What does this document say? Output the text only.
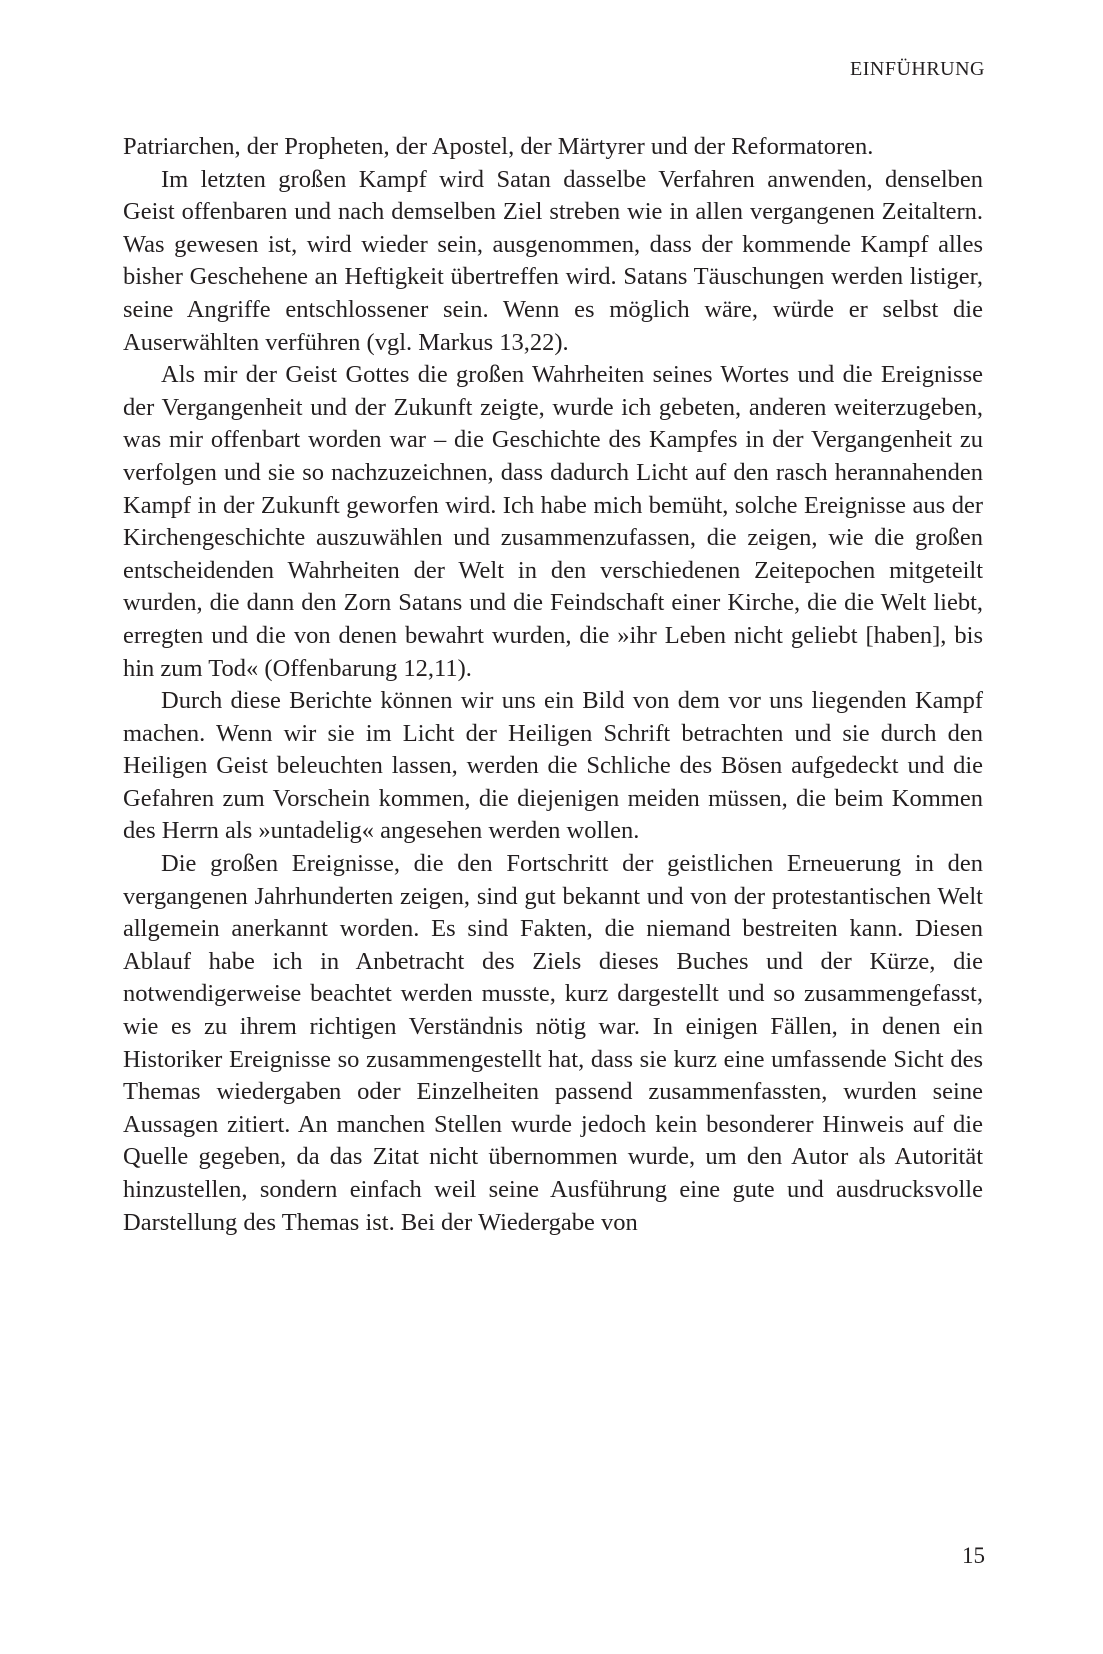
EINFÜHRUNG

Patriarchen, der Propheten, der Apostel, der Märtyrer und der Reformatoren.

Im letzten großen Kampf wird Satan dasselbe Verfahren anwenden, denselben Geist offenbaren und nach demselben Ziel streben wie in allen vergangenen Zeitaltern. Was gewesen ist, wird wieder sein, ausgenommen, dass der kommende Kampf alles bisher Geschehene an Heftigkeit übertreffen wird. Satans Täuschungen werden listiger, seine Angriffe entschlossener sein. Wenn es möglich wäre, würde er selbst die Auserwählten verführen (vgl. Markus 13,22).

Als mir der Geist Gottes die großen Wahrheiten seines Wortes und die Ereignisse der Vergangenheit und der Zukunft zeigte, wurde ich gebeten, anderen weiterzugeben, was mir offenbart worden war – die Geschichte des Kampfes in der Vergangenheit zu verfolgen und sie so nachzuzeichnen, dass dadurch Licht auf den rasch herannahenden Kampf in der Zukunft geworfen wird. Ich habe mich bemüht, solche Ereignisse aus der Kirchengeschichte auszuwählen und zusammenzufassen, die zeigen, wie die großen entscheidenden Wahrheiten der Welt in den verschiedenen Zeitepochen mitgeteilt wurden, die dann den Zorn Satans und die Feindschaft einer Kirche, die die Welt liebt, erregten und die von denen bewahrt wurden, die »ihr Leben nicht geliebt [haben], bis hin zum Tod« (Offenbarung 12,11).

Durch diese Berichte können wir uns ein Bild von dem vor uns liegenden Kampf machen. Wenn wir sie im Licht der Heiligen Schrift betrachten und sie durch den Heiligen Geist beleuchten lassen, werden die Schliche des Bösen aufgedeckt und die Gefahren zum Vorschein kommen, die diejenigen meiden müssen, die beim Kommen des Herrn als »untadelig« angesehen werden wollen.

Die großen Ereignisse, die den Fortschritt der geistlichen Erneuerung in den vergangenen Jahrhunderten zeigen, sind gut bekannt und von der protestantischen Welt allgemein anerkannt worden. Es sind Fakten, die niemand bestreiten kann. Diesen Ablauf habe ich in Anbetracht des Ziels dieses Buches und der Kürze, die notwendigerweise beachtet werden musste, kurz dargestellt und so zusammengefasst, wie es zu ihrem richtigen Verständnis nötig war. In einigen Fällen, in denen ein Historiker Ereignisse so zusammengestellt hat, dass sie kurz eine umfassende Sicht des Themas wiedergaben oder Einzelheiten passend zusammenfassten, wurden seine Aussagen zitiert. An manchen Stellen wurde jedoch kein besonderer Hinweis auf die Quelle gegeben, da das Zitat nicht übernommen wurde, um den Autor als Autorität hinzustellen, sondern einfach weil seine Ausführung eine gute und ausdrucksvolle Darstellung des Themas ist. Bei der Wiedergabe von

15
